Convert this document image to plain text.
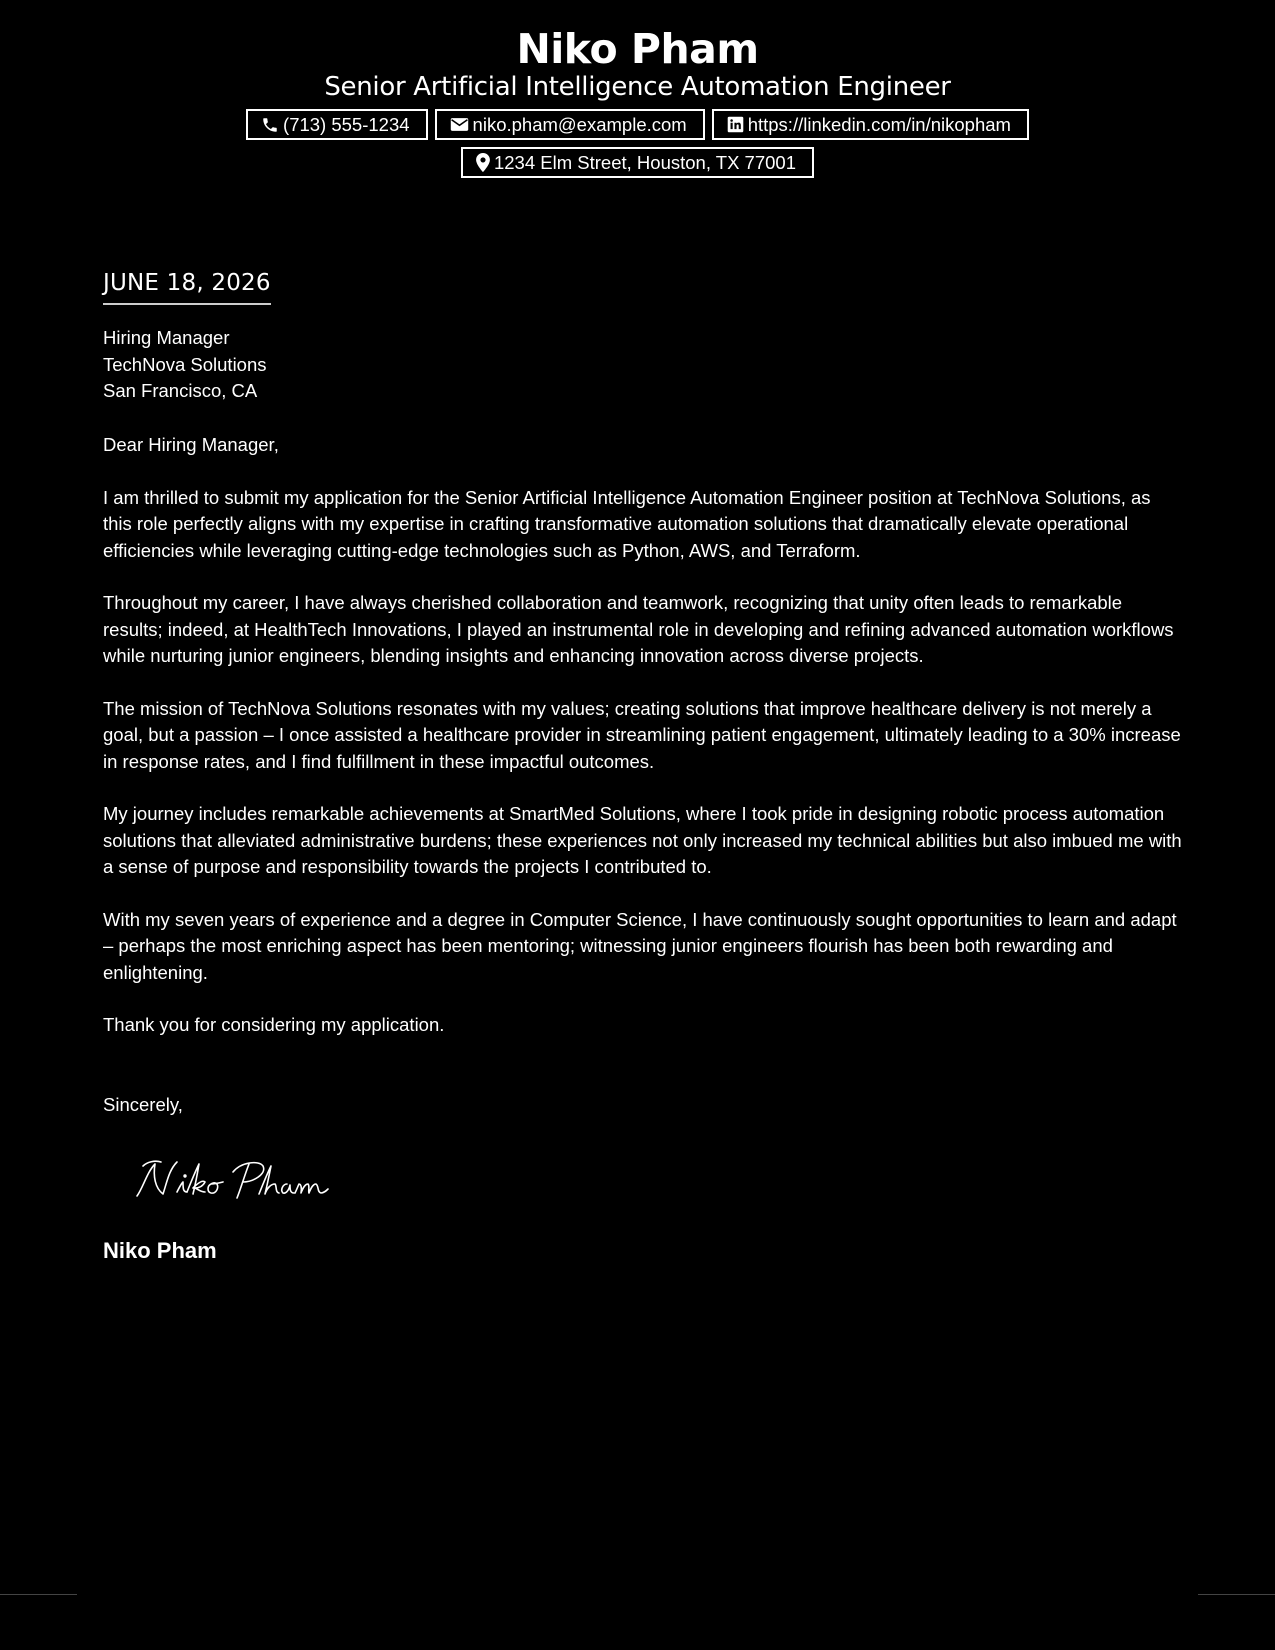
Niko Pham
Senior Artificial Intelligence Automation Engineer
(713) 555-1234	niko.pham@example.com	https://linkedin.com/in/nikopham
1234 Elm Street, Houston, TX 77001
JUNE 18, 2026
Hiring Manager
TechNova Solutions
San Francisco, CA

Dear Hiring Manager,

I am thrilled to submit my application for the Senior Artificial Intelligence Automation Engineer position at TechNova Solutions, as this role perfectly aligns with my expertise in crafting transformative automation solutions that dramatically elevate operational efficiencies while leveraging cutting-edge technologies such as Python, AWS, and Terraform.

Throughout my career, I have always cherished collaboration and teamwork, recognizing that unity often leads to remarkable results; indeed, at HealthTech Innovations, I played an instrumental role in developing and refining advanced automation workflows while nurturing junior engineers, blending insights and enhancing innovation across diverse projects.

The mission of TechNova Solutions resonates with my values; creating solutions that improve healthcare delivery is not merely a goal, but a passion – I once assisted a healthcare provider in streamlining patient engagement, ultimately leading to a 30% increase in response rates, and I find fulfillment in these impactful outcomes.

My journey includes remarkable achievements at SmartMed Solutions, where I took pride in designing robotic process automation solutions that alleviated administrative burdens; these experiences not only increased my technical abilities but also imbued me with a sense of purpose and responsibility towards the projects I contributed to.

With my seven years of experience and a degree in Computer Science, I have continuously sought opportunities to learn and adapt – perhaps the most enriching aspect has been mentoring; witnessing junior engineers flourish has been both rewarding and enlightening.

Thank you for considering my application.

Sincerely,
Niko Pham
